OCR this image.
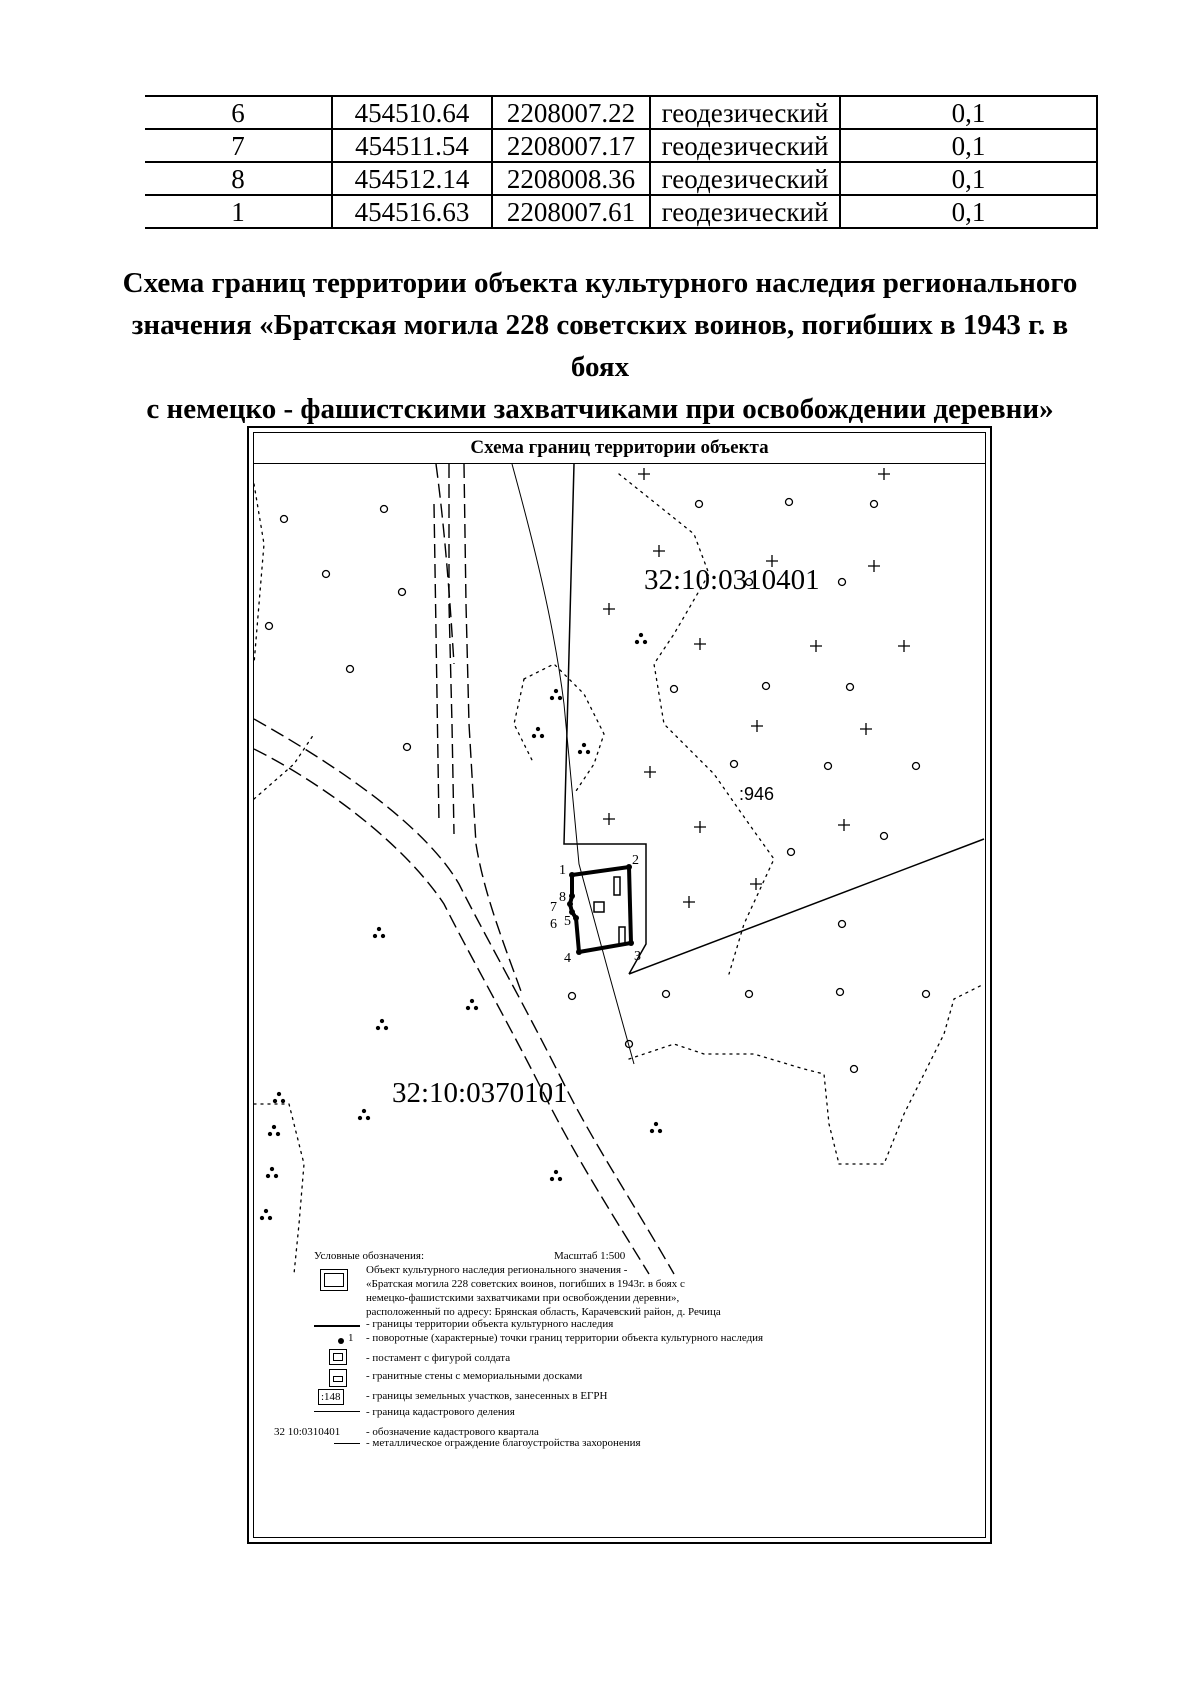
6	454510.64	2208007.22	геодезический	0,1
7	454511.54	2208007.17	геодезический	0,1
8	454512.14	2208008.36	геодезический	0,1
1	454516.63	2208007.61	геодезический	0,1
Схема границ территории объекта культурного наследия регионального
значения «Братская могила 228 советских воинов, погибших в 1943 г. в боях
с немецко - фашистскими захватчиками при освобождении деревни»
Схема границ территории объекта
1
2
3
4
5
6
7
8
32:10:0310401
32:10:0370101
:946
Условные обозначения:	Масштаб 1:500
Объект культурного наследия регионального значения -
«Братская могила 228 советских воинов, погибших в 1943г. в боях с
немецко-фашистскими захватчиками при освобождении деревни»,
расположенный по адресу: Брянская область, Карачевский район, д. Речица
- границы территории объекта культурного наследия
1 - поворотные (характерные) точки границ территории объекта культурного наследия
- постамент с фигурой солдата
- гранитные стены с мемориальными досками
:148 - границы земельных участков, занесенных в ЕГРН
- граница кадастрового деления
32 10:0310401 - обозначение кадастрового квартала
- металлическое ограждение благоустройства захоронения
